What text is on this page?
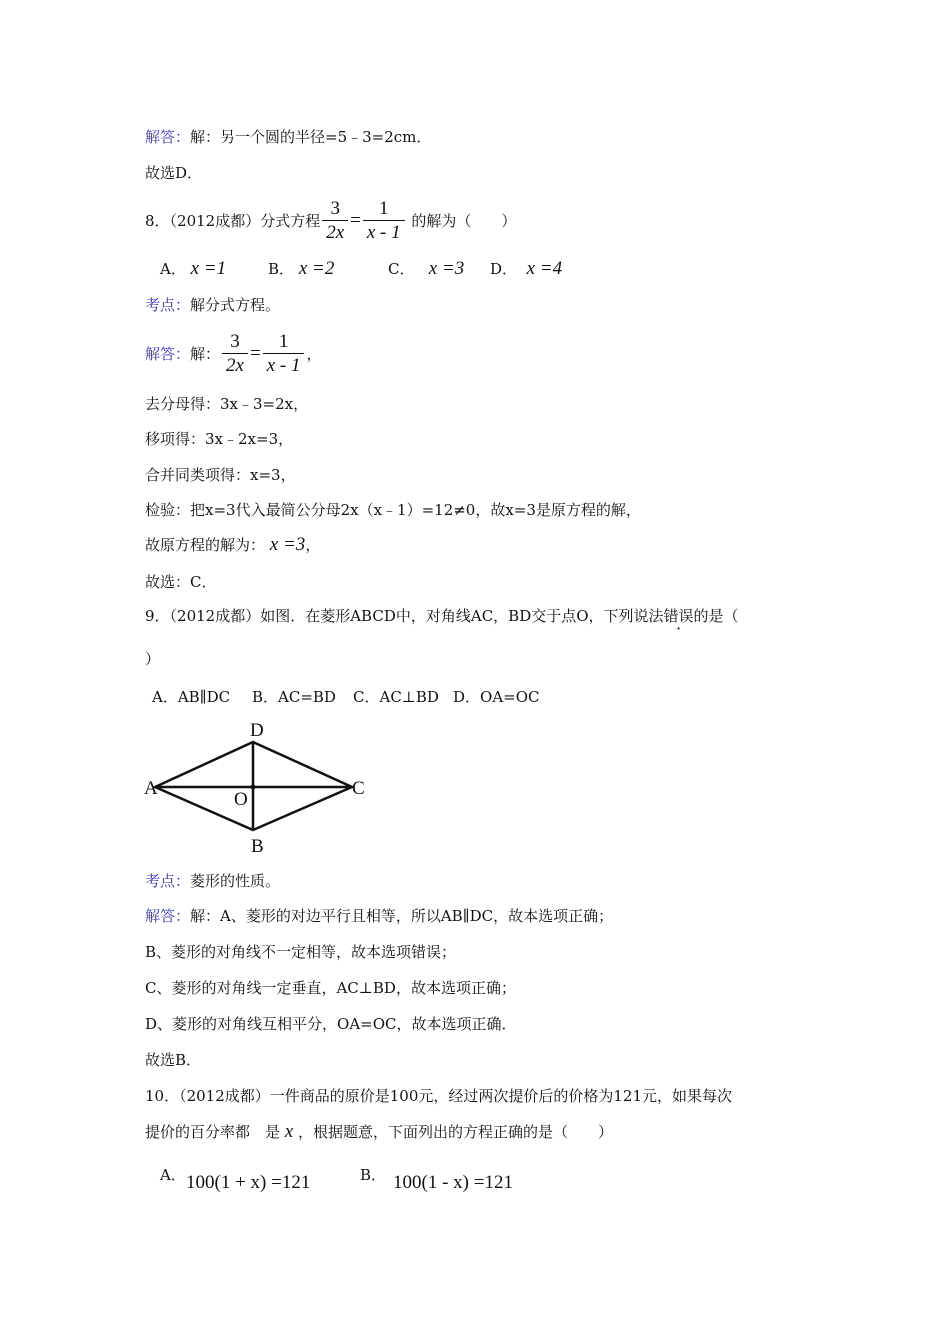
解答：解：另一个圆的半径=5﹣3=2cm．
故选D．
8．（2012成都）分式方程 $\frac{3}{2x} = \frac{1}{x - 1}$ 的解为（　　）
A． x =1	B． x =2	C． x =3 D． x =4
考点：解分式方程。
解答：解： $\frac{3}{2x} = \frac{1}{x - 1}$ ，
去分母得：3x﹣3=2x，
移项得：3x﹣2x=3，
合并同类项得：x=3，
检验：把x=3代入最简公分母2x（x﹣1）=12≠0，故x=3是原方程的解，
故原方程的解为： x =3，
故选：C．
9．（2012成都）如图．在菱形ABCD中，对角线AC，BD交于点O，下列说法错误的是（
）
A．AB∥DC B．AC=BD C．AC⊥BD D．OA=OC
D
A	C
O
B
考点：菱形的性质。
解答：解：A、菱形的对边平行且相等，所以AB∥DC，故本选项正确；
B、菱形的对角线不一定相等，故本选项错误；
C、菱形的对角线一定垂直，AC⊥BD，故本选项正确；
D、菱形的对角线互相平分，OA=OC，故本选项正确．
故选B．
10．（2012成都）一件商品的原价是100元，经过两次提价后的价格为121元，如果每次
提价的百分率都　是 x ，根据题意，下面列出的方程正确的是（　　）
A． 100(1 + x) =121	B． 100(1 - x) =121
